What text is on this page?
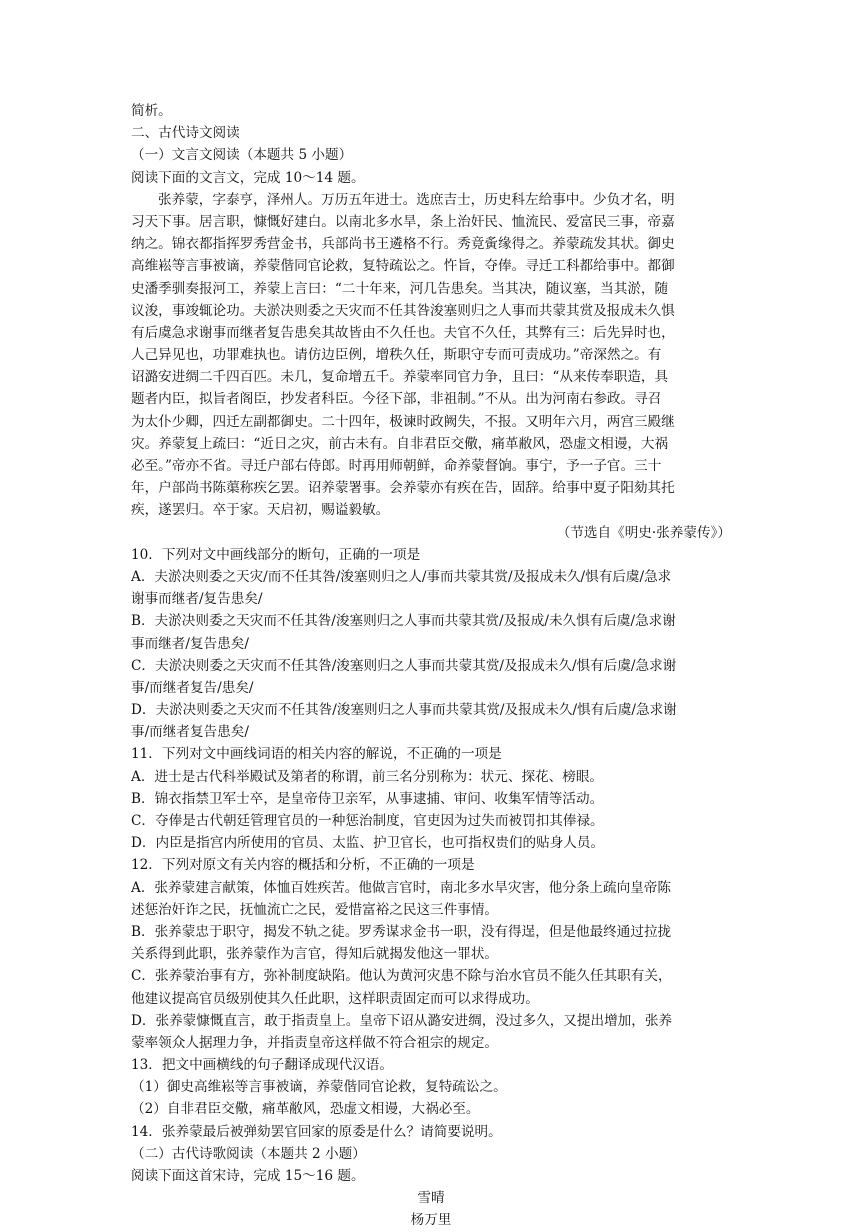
简析。
二、古代诗文阅读
（一）文言文阅读（本题共 5 小题）
阅读下面的文言文，完成 10～14 题。
张养蒙，字泰亨，泽州人。万历五年进士。选庶吉士，历史科左给事中。少负才名，明
习天下事。居言职，慷慨好建白。以南北多水旱，条上治奸民、恤流民、爱富民三事，帝嘉
纳之。锦衣都指挥罗秀营金书，兵部尚书王遴格不行。秀竟夤缘得之。养蒙疏发其状。御史
高维崧等言事被谪，养蒙偕同官论救，复特疏讼之。忤旨，夺俸。寻迁工科都给事中。都御
史潘季驯奏报河工，养蒙上言曰：“二十年来，河几告患矣。当其决，随议塞，当其淤，随
议浚，事竣辄论功。夫淤决则委之天灾而不任其咎浚塞则归之人事而共蒙其赏及报成未久惧
有后虞急求谢事而继者复告患矣其故皆由不久任也。夫官不久任，其弊有三：后先异时也，
人己异见也，功罪难执也。请仿边臣例，增秩久任，斯职守专而可责成功。”帝深然之。有
诏潞安进绸二千四百匹。未几，复命增五千。养蒙率同官力争，且曰：“从来传奉职造，具
题者内臣，拟旨者阁臣，抄发者科臣。今径下部，非祖制。”不从。出为河南右参政。寻召
为太仆少卿，四迁左副都御史。二十四年，极谏时政阙失，不报。又明年六月，两宫三殿继
灾。养蒙复上疏曰：“近日之灾，前古未有。自非君臣交儆，痛革敝风，恐虚文相谩，大祸
必至。”帝亦不省。寻迁户部右侍郎。时再用师朝鲜，命养蒙督饷。事宁，予一子官。三十
年，户部尚书陈蕖称疾乞罢。诏养蒙署事。会养蒙亦有疾在告，固辞。给事中夏子阳劾其托
疾，遂罢归。卒于家。天启初，赐谥毅敏。
（节选自《明史·张养蒙传》）
10．下列对文中画线部分的断句，正确的一项是
A．夫淤决则委之天灾/而不任其咎/浚塞则归之人/事而共蒙其赏/及报成未久/惧有后虞/急求
谢事而继者/复告患矣/
B．夫淤决则委之天灾而不任其咎/浚塞则归之人事而共蒙其赏/及报成/未久惧有后虞/急求谢
事而继者/复告患矣/
C．夫淤决则委之天灾而不任其咎/浚塞则归之人事而共蒙其赏/及报成未久/惧有后虞/急求谢
事/而继者复告/患矣/
D．夫淤决则委之天灾而不任其咎/浚塞则归之人事而共蒙其赏/及报成未久/惧有后虞/急求谢
事/而继者复告患矣/
11．下列对文中画线词语的相关内容的解说，不正确的一项是
A．进士是古代科举殿试及第者的称谓，前三名分别称为：状元、探花、榜眼。
B．锦衣指禁卫军士卒，是皇帝侍卫亲军，从事逮捕、审问、收集军情等活动。
C．夺俸是古代朝廷管理官员的一种惩治制度，官吏因为过失而被罚扣其俸禄。
D．内臣是指宫内所使用的官员、太监、护卫官长，也可指权贵们的贴身人员。
12．下列对原文有关内容的概括和分析，不正确的一项是
A．张养蒙建言献策，体恤百姓疾苦。他做言官时，南北多水旱灾害，他分条上疏向皇帝陈
述惩治奸诈之民，抚恤流亡之民，爱惜富裕之民这三件事情。
B．张养蒙忠于职守，揭发不轨之徒。罗秀谋求金书一职，没有得逞，但是他最终通过拉拢
关系得到此职，张养蒙作为言官，得知后就揭发他这一罪状。
C．张养蒙治事有方，弥补制度缺陷。他认为黄河灾患不除与治水官员不能久任其职有关，
他建议提高官员级别使其久任此职，这样职责固定而可以求得成功。
D．张养蒙慷慨直言，敢于指责皇上。皇帝下诏从潞安进绸，没过多久，又提出增加，张养
蒙率领众人据理力争，并指责皇帝这样做不符合祖宗的规定。
13．把文中画横线的句子翻译成现代汉语。
（1）御史高维崧等言事被谪，养蒙偕同官论救，复特疏讼之。
（2）自非君臣交儆，痛革敝风，恐虚文相谩，大祸必至。
14．张养蒙最后被弹劾罢官回家的原委是什么？请简要说明。
（二）古代诗歌阅读（本题共 2 小题）
阅读下面这首宋诗，完成 15～16 题。
雪晴
杨万里
